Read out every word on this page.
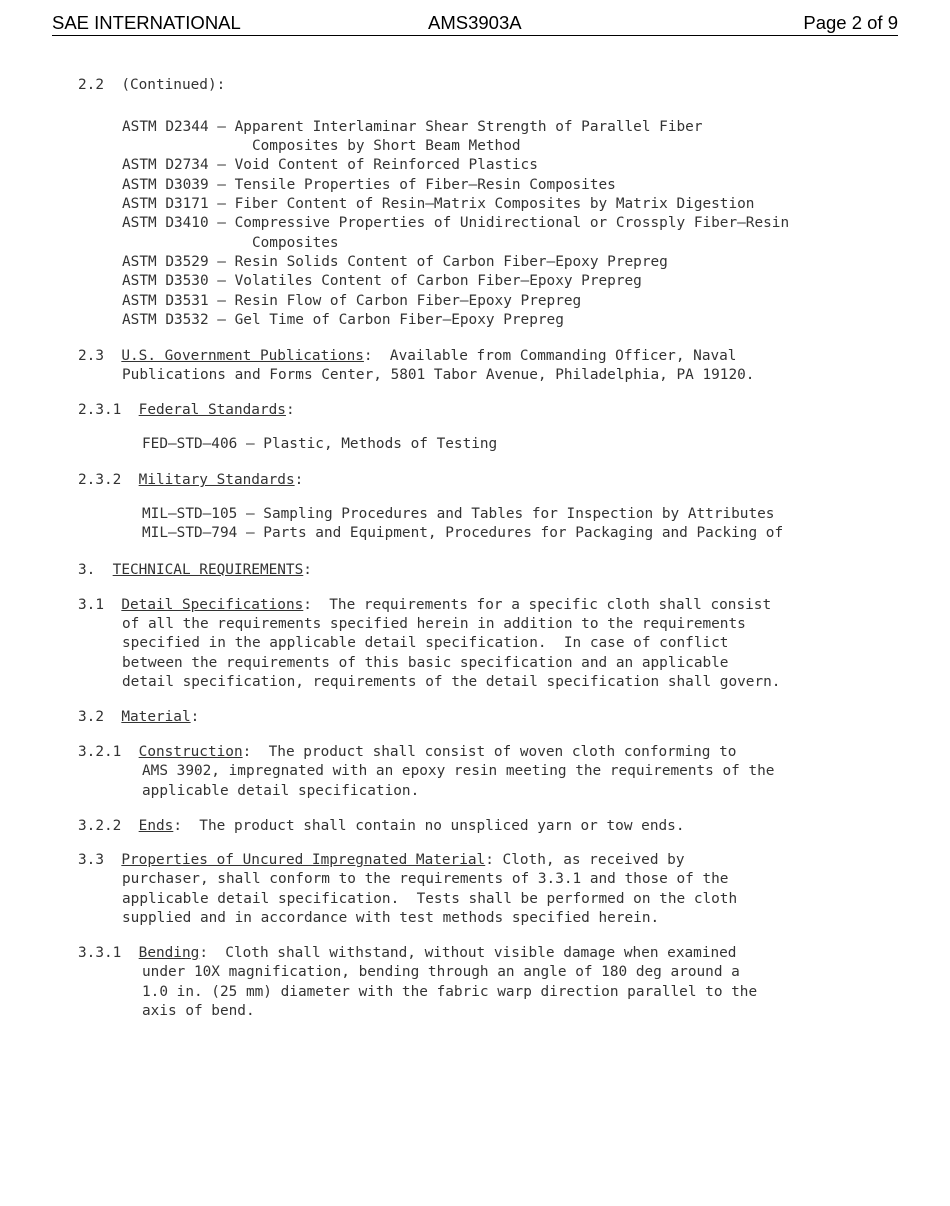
SAE INTERNATIONAL	AMS3903A	Page 2 of 9
2.2  (Continued):
ASTM D2344 – Apparent Interlaminar Shear Strength of Parallel Fiber
Composites by Short Beam Method
ASTM D2734 – Void Content of Reinforced Plastics
ASTM D3039 – Tensile Properties of Fiber–Resin Composites
ASTM D3171 – Fiber Content of Resin–Matrix Composites by Matrix Digestion
ASTM D3410 – Compressive Properties of Unidirectional or Crossply Fiber–Resin
Composites
ASTM D3529 – Resin Solids Content of Carbon Fiber–Epoxy Prepreg
ASTM D3530 – Volatiles Content of Carbon Fiber–Epoxy Prepreg
ASTM D3531 – Resin Flow of Carbon Fiber–Epoxy Prepreg
ASTM D3532 – Gel Time of Carbon Fiber–Epoxy Prepreg
2.3  U.S. Government Publications:  Available from Commanding Officer, Naval
Publications and Forms Center, 5801 Tabor Avenue, Philadelphia, PA 19120.
2.3.1  Federal Standards:
FED–STD–406 – Plastic, Methods of Testing
2.3.2  Military Standards:
MIL–STD–105 – Sampling Procedures and Tables for Inspection by Attributes
MIL–STD–794 – Parts and Equipment, Procedures for Packaging and Packing of
3.  TECHNICAL REQUIREMENTS:
3.1  Detail Specifications:  The requirements for a specific cloth shall consist
of all the requirements specified herein in addition to the requirements
specified in the applicable detail specification.  In case of conflict
between the requirements of this basic specification and an applicable
detail specification, requirements of the detail specification shall govern.
3.2  Material:
3.2.1  Construction:  The product shall consist of woven cloth conforming to
AMS 3902, impregnated with an epoxy resin meeting the requirements of the
applicable detail specification.
3.2.2  Ends:  The product shall contain no unspliced yarn or tow ends.
3.3  Properties of Uncured Impregnated Material: Cloth, as received by
purchaser, shall conform to the requirements of 3.3.1 and those of the
applicable detail specification.  Tests shall be performed on the cloth
supplied and in accordance with test methods specified herein.
3.3.1  Bending:  Cloth shall withstand, without visible damage when examined
under 10X magnification, bending through an angle of 180 deg around a
1.0 in. (25 mm) diameter with the fabric warp direction parallel to the
axis of bend.
